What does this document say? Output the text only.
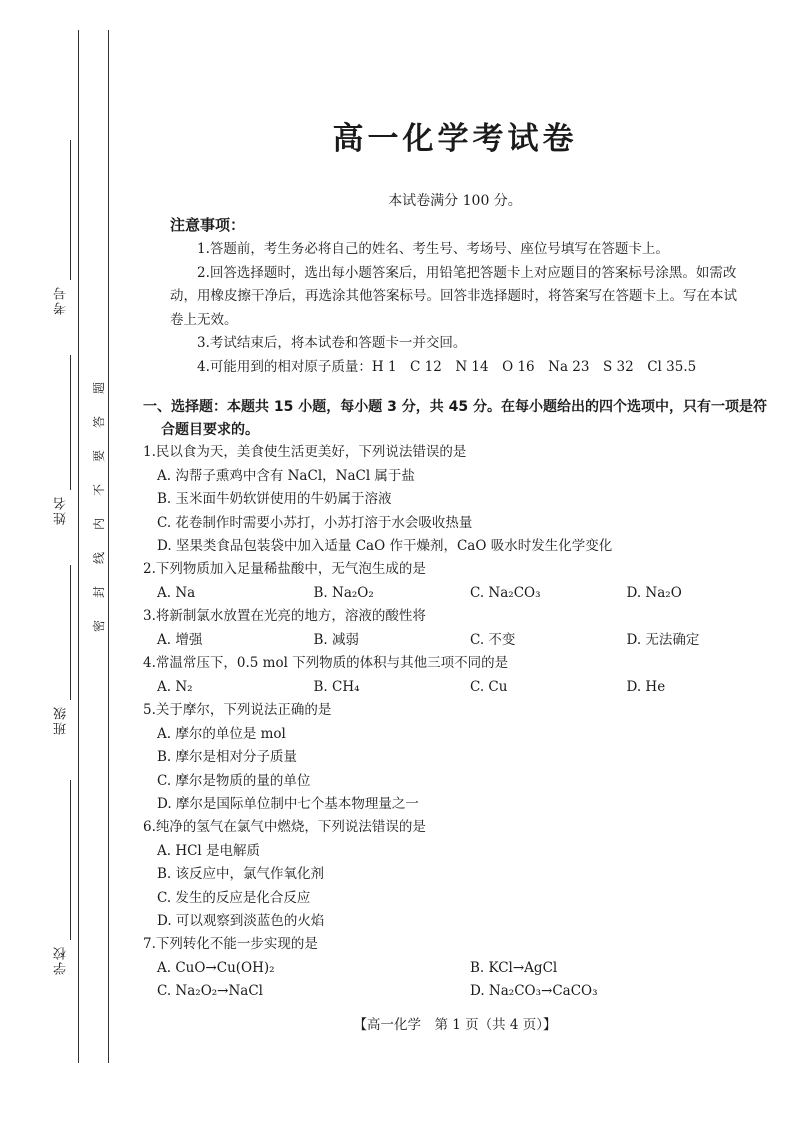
考号
姓名
班级
学校
题
答
要
不
内
线
封
密
高一化学考试卷
本试卷满分 100 分。
注意事项：

1.答题前，考生务必将自己的姓名、考生号、考场号、座位号填写在答题卡上。

2.回答选择题时，选出每小题答案后，用铅笔把答题卡上对应题目的答案标号涂黑。如需改动，用橡皮擦干净后，再选涂其他答案标号。回答非选择题时，将答案写在答题卡上。写在本试卷上无效。

3.考试结束后，将本试卷和答题卡一并交回。

4.可能用到的相对原子质量：H 1　C 12　N 14　O 16　Na 23　S 32　Cl 35.5

一、选择题：本题共 15 小题，每小题 3 分，共 45 分。在每小题给出的四个选项中，只有一项是符
合题目要求的。
1.民以食为天，美食使生活更美好，下列说法错误的是
A. 沟帮子熏鸡中含有 NaCl，NaCl 属于盐
B. 玉米面牛奶软饼使用的牛奶属于溶液
C. 花卷制作时需要小苏打，小苏打溶于水会吸收热量
D. 坚果类食品包装袋中加入适量 CaO 作干燥剂，CaO 吸水时发生化学变化
2.下列物质加入足量稀盐酸中，无气泡生成的是
A. Na	B. Na₂O₂	C. Na₂CO₃	D. Na₂O
3.将新制氯水放置在光亮的地方，溶液的酸性将
A. 增强	B. 减弱	C. 不变	D. 无法确定
4.常温常压下，0.5 mol 下列物质的体积与其他三项不同的是
A. N₂	B. CH₄	C. Cu	D. He
5.关于摩尔，下列说法正确的是
A. 摩尔的单位是 mol
B. 摩尔是相对分子质量
C. 摩尔是物质的量的单位
D. 摩尔是国际单位制中七个基本物理量之一
6.纯净的氢气在氯气中燃烧，下列说法错误的是
A. HCl 是电解质
B. 该反应中，氯气作氧化剂
C. 发生的反应是化合反应
D. 可以观察到淡蓝色的火焰
7.下列转化不能一步实现的是
A. CuO→Cu(OH)₂	B. KCl→AgCl
C. Na₂O₂→NaCl	D. Na₂CO₃→CaCO₃
【高一化学　第 1 页（共 4 页）】
